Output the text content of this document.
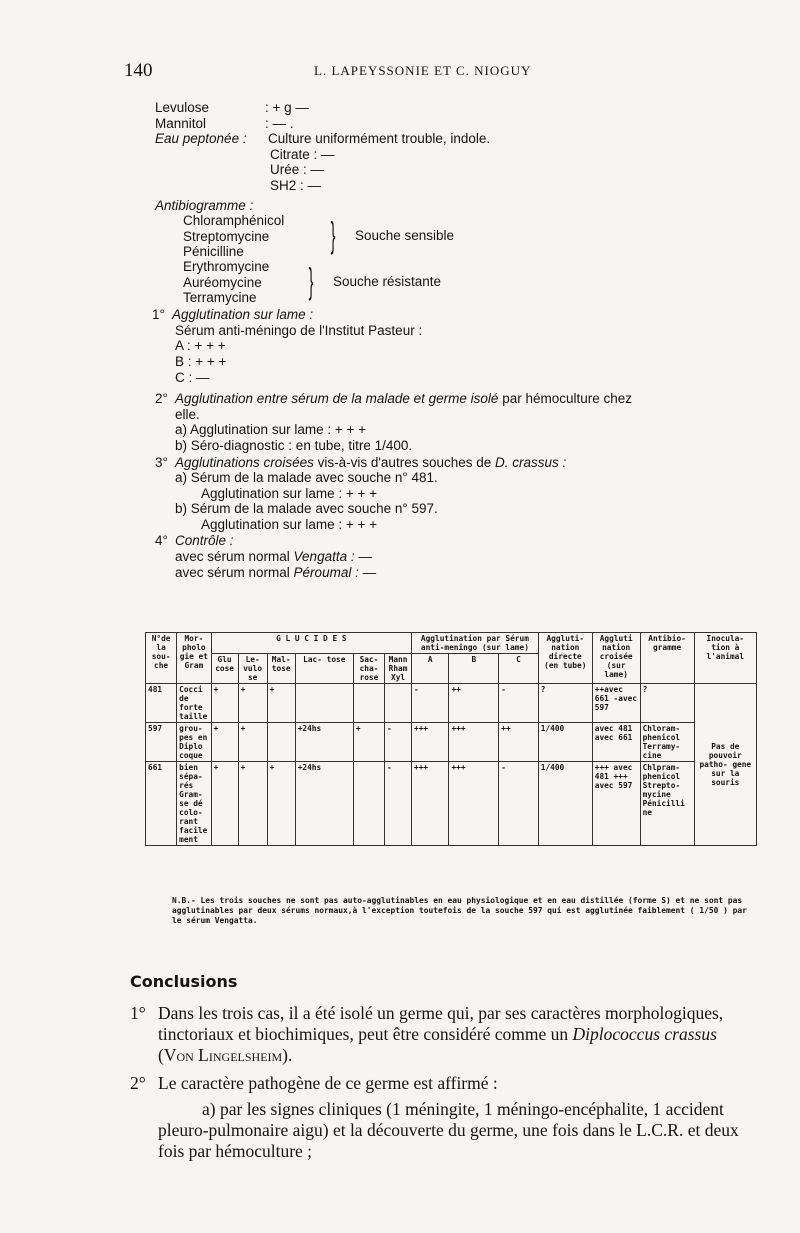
140	L. LAPEYSSONIE ET C. NIOGUY
Levulose	: + g —
Mannitol	: — .
Eau peptonée :	Culture uniformément trouble, indole.
Citrate : —
Urée : —
SH2 : —
Antibiogramme :
Chloramphénicol
Streptomycine
Pénicilline	} Souche sensible
Erythromycine
Auréomycine
Terramycine	} Souche résistante
1° Agglutination sur lame :
Sérum anti-méningo de l'Institut Pasteur :
A : + + +
B : + + +
C : —
2° Agglutination entre sérum de la malade et germe isolé par hémoculture chez
elle.
a) Agglutination sur lame : + + +
b) Séro-diagnostic : en tube, titre 1/400.
3° Agglutinations croisées vis-à-vis d'autres souches de D. crassus :
a) Sérum de la malade avec souche n° 481.
Agglutination sur lame : + + +
b) Sérum de la malade avec souche n° 597.
Agglutination sur lame : + + +
4° Contrôle :
avec sérum normal Vengatta : —
avec sérum normal Péroumal : —
N°de la sou- che	Mor- pholo gie et Gram	G L U C I D E S						Agglutination par Sérum anti-meningo (sur lame)			Aggluti- nation directe (en tube)	Aggluti nation croisée (sur lame)	Antibio- gramme	Inocula- tion à l'animal
		Glu cose	Le- vulo se	Mal- tose	Lac- tose	Sac- cha- rose	Mann Rham Xyl	A	B	C				
481	Cocci de forte taille	+	+	+				-	++	-	?	++avec 661 -avec 597	?	Pas de pouvoir patho- gene sur la souris
597	grou- pes en Diplo coque	+	+		+24hs	+	-	+++	+++	++	1/400	avec 481 avec 661	Chloram- phenicol Terramy- cine	
661	bien sépa- rés Gram- se dé colo- rant facile ment	+	+	+	+24hs		-	+++	+++	-	1/400	+++ avec 481 +++ avec 597	Chlpram- phenicol Strepto- mycine Pénicilli ne	
N.B.- Les trois souches ne sont pas auto-agglutinables en eau physiologique et en eau distillée (forme S) et ne sont pas agglutinables par deux sérums normaux,à l'exception toutefois de la souche 597 qui est agglutinée faiblement ( 1/50 ) par le sérum Vengatta.
Conclusions

1° Dans les trois cas, il a été isolé un germe qui, par ses caractères morphologiques, tinctoriaux et biochimiques, peut être considéré comme un Diplococcus crassus (Von Lingelsheim).

2° Le caractère pathogène de ce germe est affirmé :

a) par les signes cliniques (1 méningite, 1 méningo-encéphalite, 1 accident pleuro-pulmonaire aigu) et la découverte du germe, une fois dans le L.C.R. et deux fois par hémoculture ;
